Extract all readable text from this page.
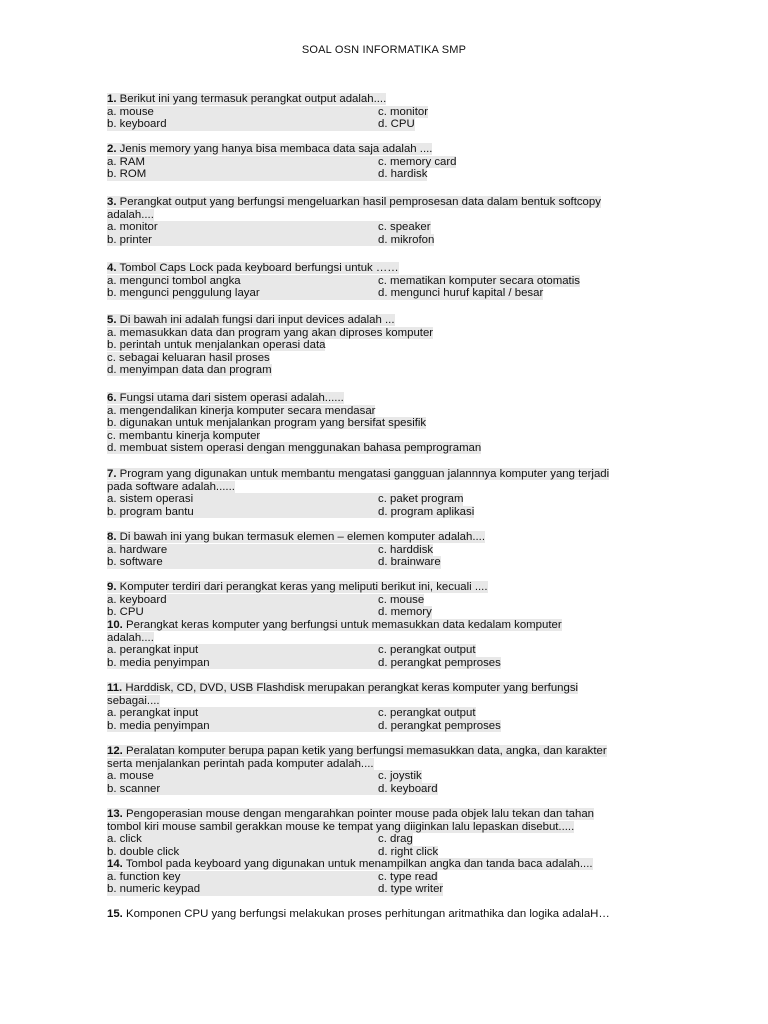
SOAL OSN INFORMATIKA SMP
1. Berikut ini yang termasuk perangkat output adalah....
a. mouse	c. monitor
b. keyboard	d. CPU
2. Jenis memory yang hanya bisa membaca data saja adalah ....
a. RAM	c. memory card
b. ROM	d. hardisk
3. Perangkat output yang berfungsi mengeluarkan hasil pemprosesan data dalam bentuk softcopy
adalah....
a. monitor	c. speaker
b. printer	d. mikrofon
4. Tombol Caps Lock pada keyboard berfungsi untuk ……
a. mengunci tombol angka	c. mematikan komputer secara otomatis
b. mengunci penggulung layar	d. mengunci huruf kapital / besar
5. Di bawah ini adalah fungsi dari input devices adalah ...
a. memasukkan data dan program yang akan diproses komputer
b. perintah untuk menjalankan operasi data
c. sebagai keluaran hasil proses
d. menyimpan data dan program
6. Fungsi utama dari sistem operasi adalah......
a. mengendalikan kinerja komputer secara mendasar
b. digunakan untuk menjalankan program yang bersifat spesifik
c. membantu kinerja komputer
d. membuat sistem operasi dengan menggunakan bahasa pemprograman
7. Program yang digunakan untuk membantu mengatasi gangguan jalannnya komputer yang terjadi
pada software adalah......
a. sistem operasi	c. paket program
b. program bantu	d. program aplikasi
8. Di bawah ini yang bukan termasuk elemen – elemen komputer adalah....
a. hardware	c. harddisk
b. software	d. brainware
9. Komputer terdiri dari perangkat keras yang meliputi berikut ini, kecuali ....
a. keyboard	c. mouse
b. CPU	d. memory
10. Perangkat keras komputer yang berfungsi untuk memasukkan data kedalam komputer
adalah....
a. perangkat input	c. perangkat output
b. media penyimpan	d. perangkat pemproses
11. Harddisk, CD, DVD, USB Flashdisk merupakan perangkat keras komputer yang berfungsi
sebagai....
a. perangkat input	c. perangkat output
b. media penyimpan	d. perangkat pemproses
12. Peralatan komputer berupa papan ketik yang berfungsi memasukkan data, angka, dan karakter
serta menjalankan perintah pada komputer adalah....
a. mouse	c. joystik
b. scanner	d. keyboard
13. Pengoperasian mouse dengan mengarahkan pointer mouse pada objek lalu tekan dan tahan
tombol kiri mouse sambil gerakkan mouse ke tempat yang diiginkan lalu lepaskan disebut.....
a. click	c. drag
b. double click	d. right click
14. Tombol pada keyboard yang digunakan untuk menampilkan angka dan tanda baca adalah....
a. function key	c. type read
b. numeric keypad	d. type writer
15. Komponen CPU yang berfungsi melakukan proses perhitungan aritmathika dan logika adalaH…
